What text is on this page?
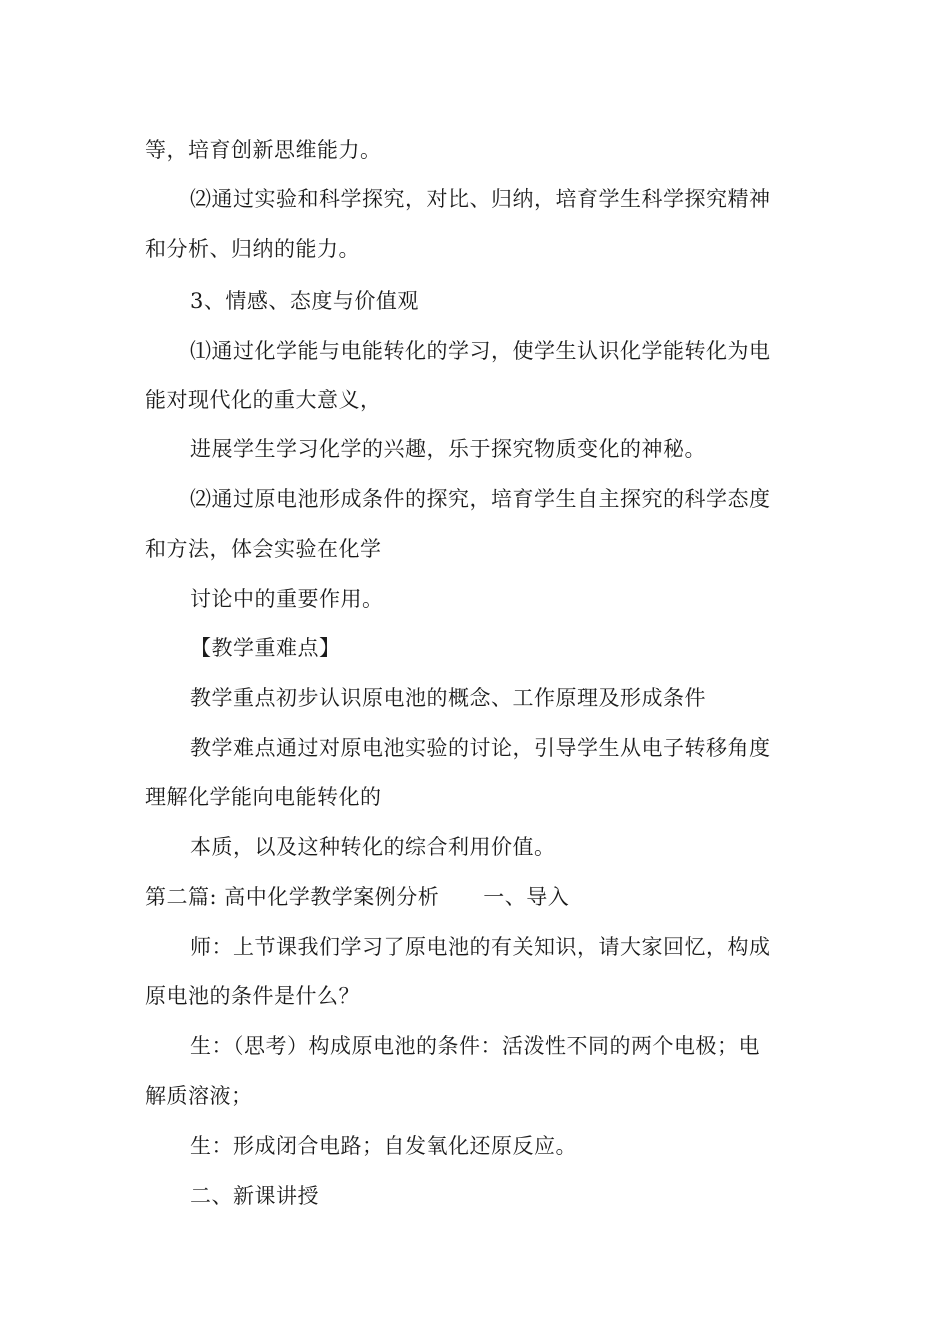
等，培育创新思维能力。
⑵通过实验和科学探究，对比、归纳，培育学生科学探究精神
和分析、归纳的能力。
3、情感、态度与价值观
⑴通过化学能与电能转化的学习，使学生认识化学能转化为电
能对现代化的重大意义，
进展学生学习化学的兴趣，乐于探究物质变化的神秘。
⑵通过原电池形成条件的探究，培育学生自主探究的科学态度
和方法，体会实验在化学
讨论中的重要作用。
【教学重难点】
教学重点初步认识原电池的概念、工作原理及形成条件
教学难点通过对原电池实验的讨论，引导学生从电子转移角度
理解化学能向电能转化的
本质，以及这种转化的综合利用价值。
第二篇: 高中化学教学案例分析 一、导入
师：上节课我们学习了原电池的有关知识，请大家回忆，构成
原电池的条件是什么？
生：（思考）构成原电池的条件：活泼性不同的两个电极；电
解质溶液；
生：形成闭合电路；自发氧化还原反应。
二、新课讲授
